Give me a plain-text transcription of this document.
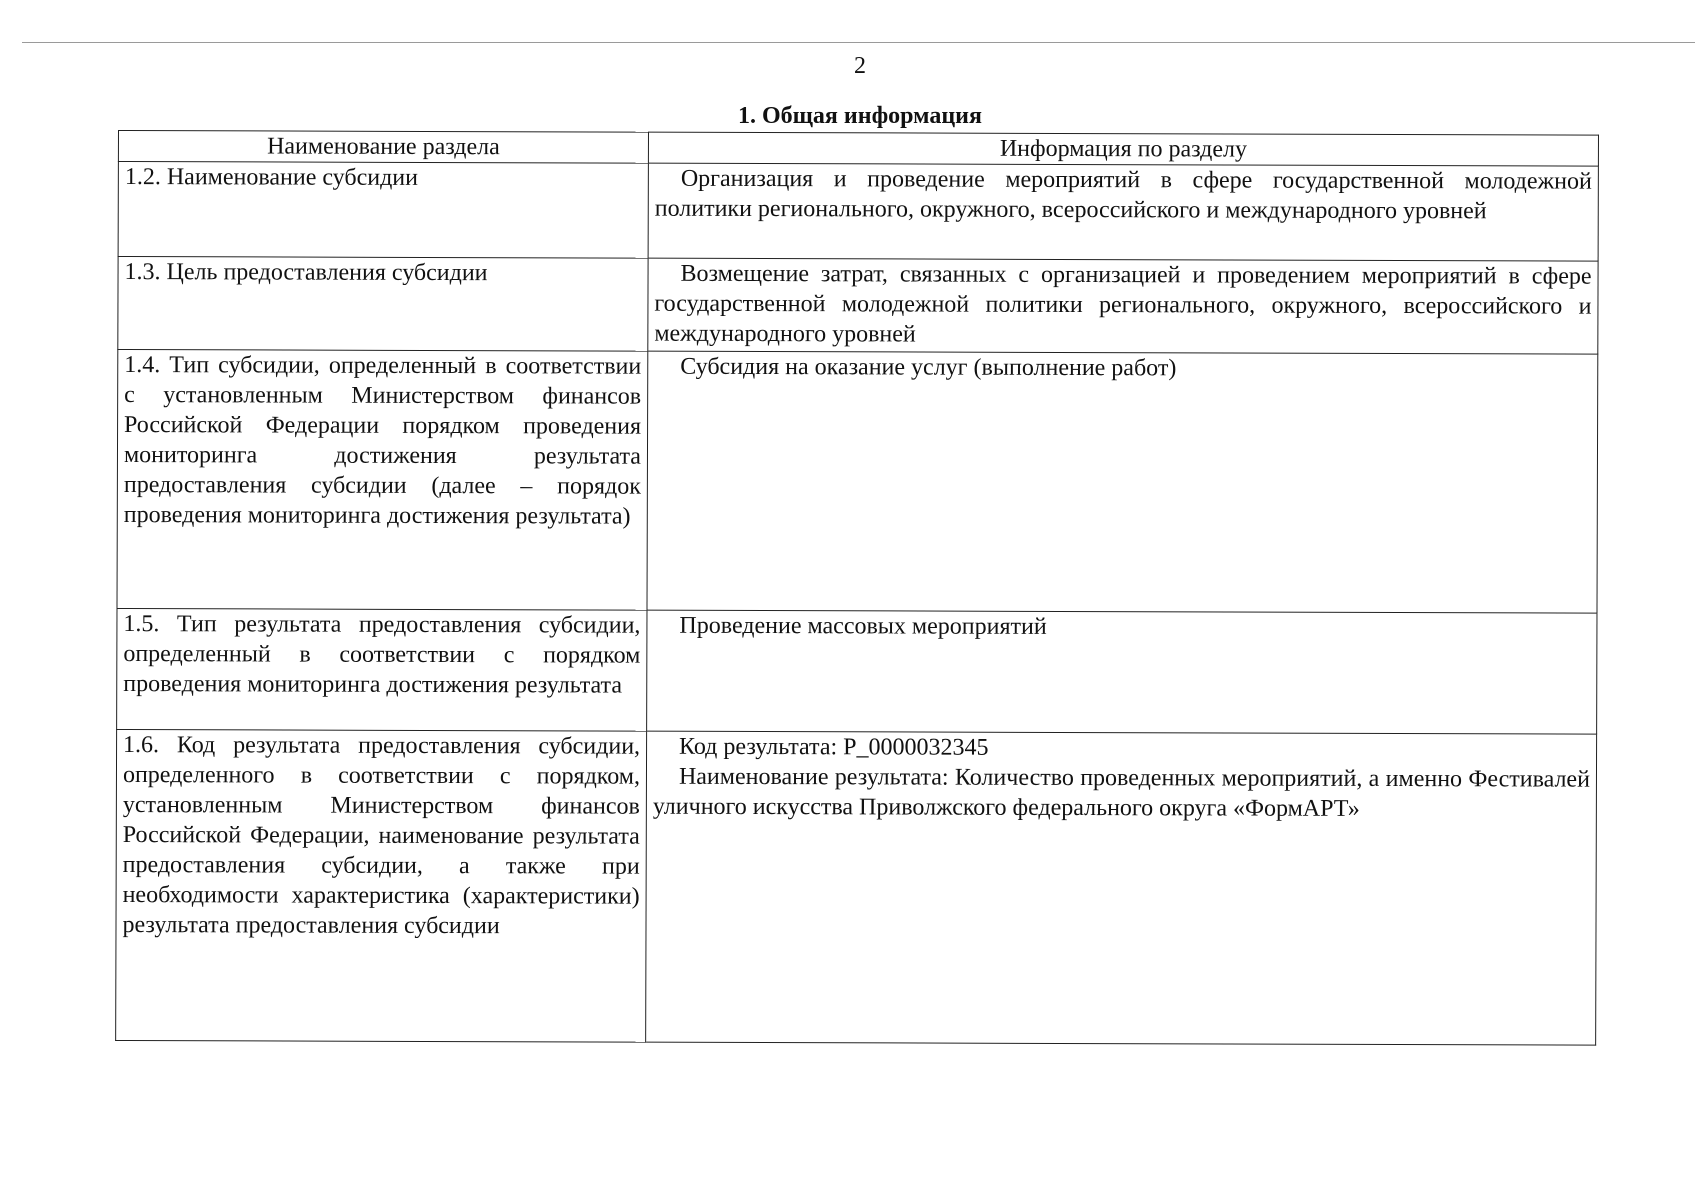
2
1. Общая информация
Наименование раздела	Информация по разделу
1.2. Наименование субсидии	Организация и проведение мероприятий в сфере государственной молодежной политики регионального, окружного, всероссийского и международного уровней

1.3. Цель предоставления субсидии	Возмещение затрат, связанных с организацией и проведением мероприятий в сфере государственной молодежной политики регионального, окружного, всероссийского и международного уровней

1.4. Тип субсидии, определенный в соответствии с установленным Министерством финансов Российской Федерации порядком проведения мониторинга достижения результата предоставления субсидии (далее – порядок проведения мониторинга достижения результата)	Субсидия на оказание услуг (выполнение работ)

1.5. Тип результата предоставления субсидии, определенный в соответствии с порядком проведения мониторинга достижения результата	Проведение массовых мероприятий

1.6. Код результата предоставления субсидии, определенного в соответствии с порядком, установленным Министерством финансов Российской Федерации, наименование результата предоставления субсидии, а также при необходимости характеристика (характеристики) результата предоставления субсидии	Код результата: P_0000032345

Наименование результата: Количество проведенных мероприятий, а именно Фестивалей уличного искусства Приволжского федерального округа «ФормАРТ»
